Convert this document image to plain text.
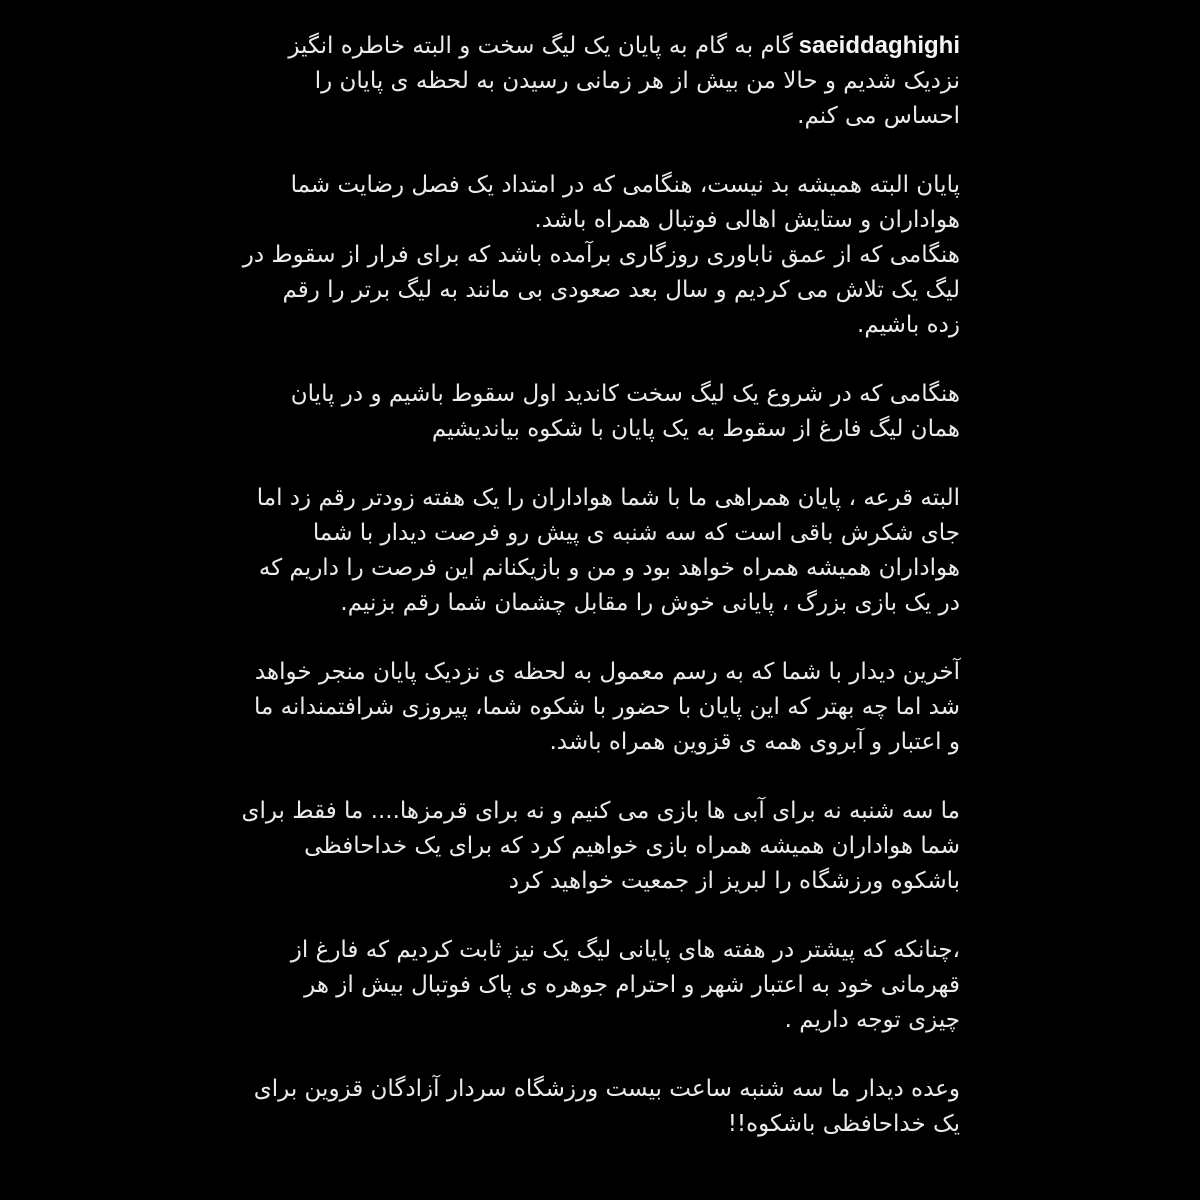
saeiddaghighiگام به گام به پایان یک لیگ سخت و البته خاطره انگیز
نزدیک شدیم و حالا من بیش از هر زمانی رسیدن به لحظه ی پایان را
احساس می کنم.

پایان البته همیشه بد نیست، هنگامی که در امتداد یک فصل رضایت شما
هواداران و ستایش اهالی فوتبال همراه باشد.
هنگامی که از عمق ناباوری روزگاری برآمده باشد که برای فرار از سقوط در
لیگ یک تلاش می کردیم و سال بعد صعودی بی مانند به لیگ برتر را رقم
زده باشیم.

هنگامی که در شروع یک لیگ سخت کاندید اول سقوط باشیم و در پایان
همان لیگ فارغ از سقوط به یک پایان با شکوه بیاندیشیم

البته قرعه ، پایان همراهی ما با شما هواداران را یک هفته زودتر رقم زد اما
جای شکرش باقی است که سه شنبه ی پیش رو فرصت دیدار با شما
هواداران همیشه همراه خواهد بود و من و بازیکنانم این فرصت را داریم که
در یک بازی بزرگ ، پایانی خوش را مقابل چشمان شما رقم بزنیم.

آخرین دیدار با شما که به رسم معمول به لحظه ی نزدیک پایان منجر خواهد
شد اما چه بهتر که این پایان با حضور با شکوه شما، پیروزی شرافتمندانه ما
و اعتبار و آبروی همه ی قزوین همراه باشد.

ما سه شنبه نه برای آبی ها بازی می کنیم و نه برای قرمزها.... ما فقط برای
شما هواداران همیشه همراه بازی خواهیم کرد که برای یک خداحافظی
باشکوه ورزشگاه را لبریز از جمعیت خواهید کرد

،چنانکه که پیشتر در هفته های پایانی لیگ یک نیز ثابت کردیم که فارغ از
قهرمانی خود به اعتبار شهر و احترام جوهره ی پاک فوتبال بیش از هر
چیزی توجه داریم .

وعده دیدار ما سه شنبه ساعت بیست ورزشگاه سردار آزادگان قزوین برای
یک خداحافظی باشکوه!!
